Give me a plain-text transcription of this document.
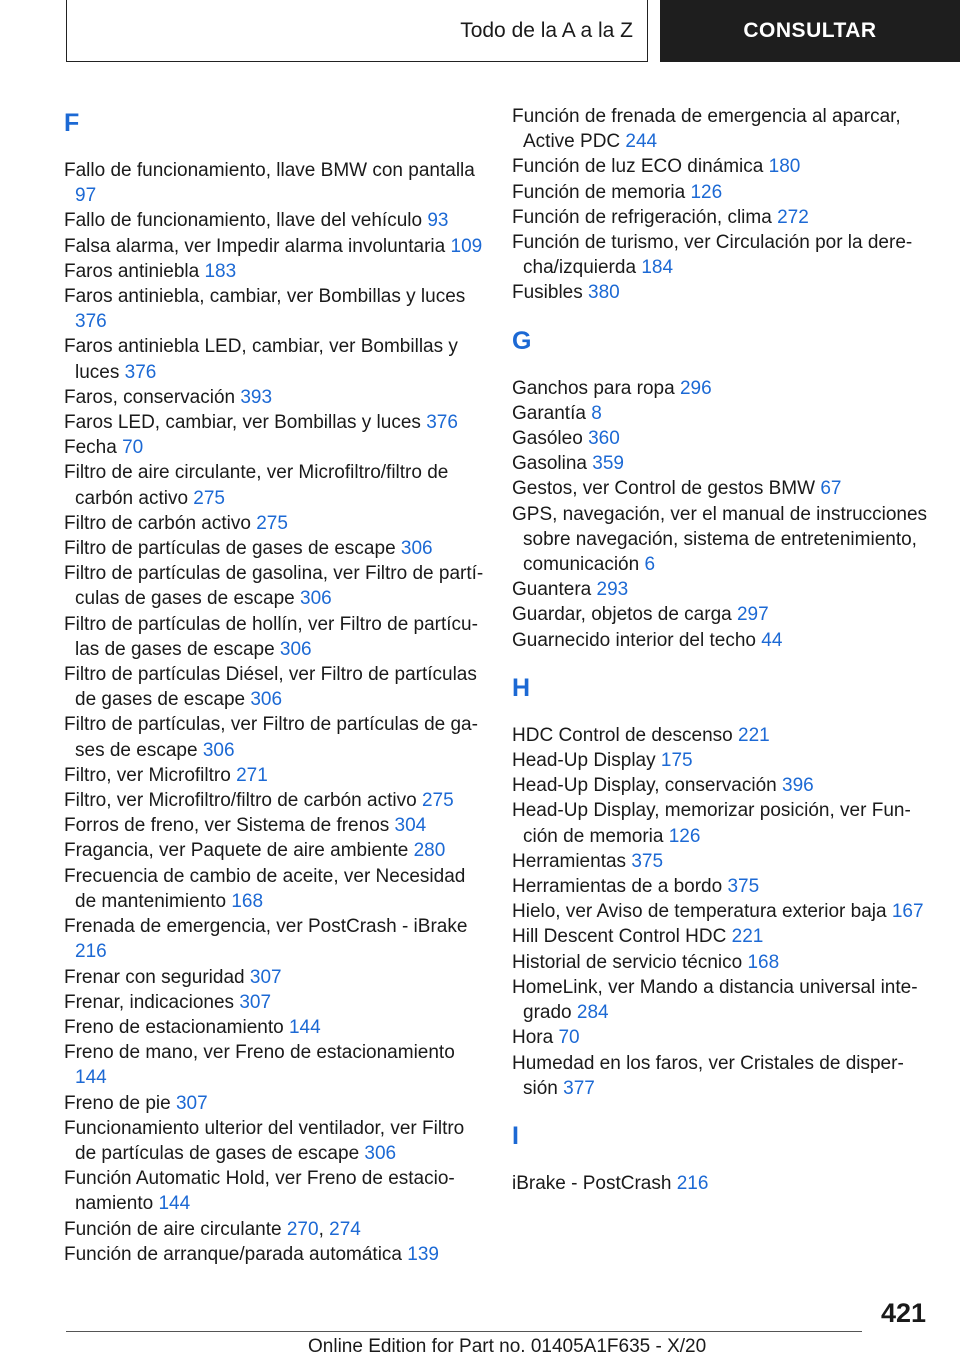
Todo de la A a la Z	CONSULTAR
F
Fallo de funcionamiento, llave BMW con pantalla 97
Fallo de funcionamiento, llave del vehículo 93
Falsa alarma, ver Impedir alarma involuntaria 109
Faros antiniebla 183
Faros antiniebla, cambiar, ver Bombillas y luces 376
Faros antiniebla LED, cambiar, ver Bombillas y luces 376
Faros, conservación 393
Faros LED, cambiar, ver Bombillas y luces 376
Fecha 70
Filtro de aire circulante, ver Microfiltro/filtro de carbón activo 275
Filtro de carbón activo 275
Filtro de partículas de gases de escape 306
Filtro de partículas de gasolina, ver Filtro de partículas de gases de escape 306
Filtro de partículas de hollín, ver Filtro de partículas de gases de escape 306
Filtro de partículas Diésel, ver Filtro de partículas de gases de escape 306
Filtro de partículas, ver Filtro de partículas de gases de escape 306
Filtro, ver Microfiltro 271
Filtro, ver Microfiltro/filtro de carbón activo 275
Forros de freno, ver Sistema de frenos 304
Fragancia, ver Paquete de aire ambiente 280
Frecuencia de cambio de aceite, ver Necesidad de mantenimiento 168
Frenada de emergencia, ver PostCrash - iBrake 216
Frenar con seguridad 307
Frenar, indicaciones 307
Freno de estacionamiento 144
Freno de mano, ver Freno de estacionamiento 144
Freno de pie 307
Funcionamiento ulterior del ventilador, ver Filtro de partículas de gases de escape 306
Función Automatic Hold, ver Freno de estacionamiento 144
Función de aire circulante 270, 274
Función de arranque/parada automática 139
Función de frenada de emergencia al aparcar, Active PDC 244
Función de luz ECO dinámica 180
Función de memoria 126
Función de refrigeración, clima 272
Función de turismo, ver Circulación por la derecha/izquierda 184
Fusibles 380
G
Ganchos para ropa 296
Garantía 8
Gasóleo 360
Gasolina 359
Gestos, ver Control de gestos BMW 67
GPS, navegación, ver el manual de instrucciones sobre navegación, sistema de entretenimiento, comunicación 6
Guantera 293
Guardar, objetos de carga 297
Guarnecido interior del techo 44
H
HDC Control de descenso 221
Head-Up Display 175
Head-Up Display, conservación 396
Head-Up Display, memorizar posición, ver Función de memoria 126
Herramientas 375
Herramientas de a bordo 375
Hielo, ver Aviso de temperatura exterior baja 167
Hill Descent Control HDC 221
Historial de servicio técnico 168
HomeLink, ver Mando a distancia universal integrado 284
Hora 70
Humedad en los faros, ver Cristales de dispersión 377
I
iBrake - PostCrash 216
421
Online Edition for Part no. 01405A1F635 - X/20
